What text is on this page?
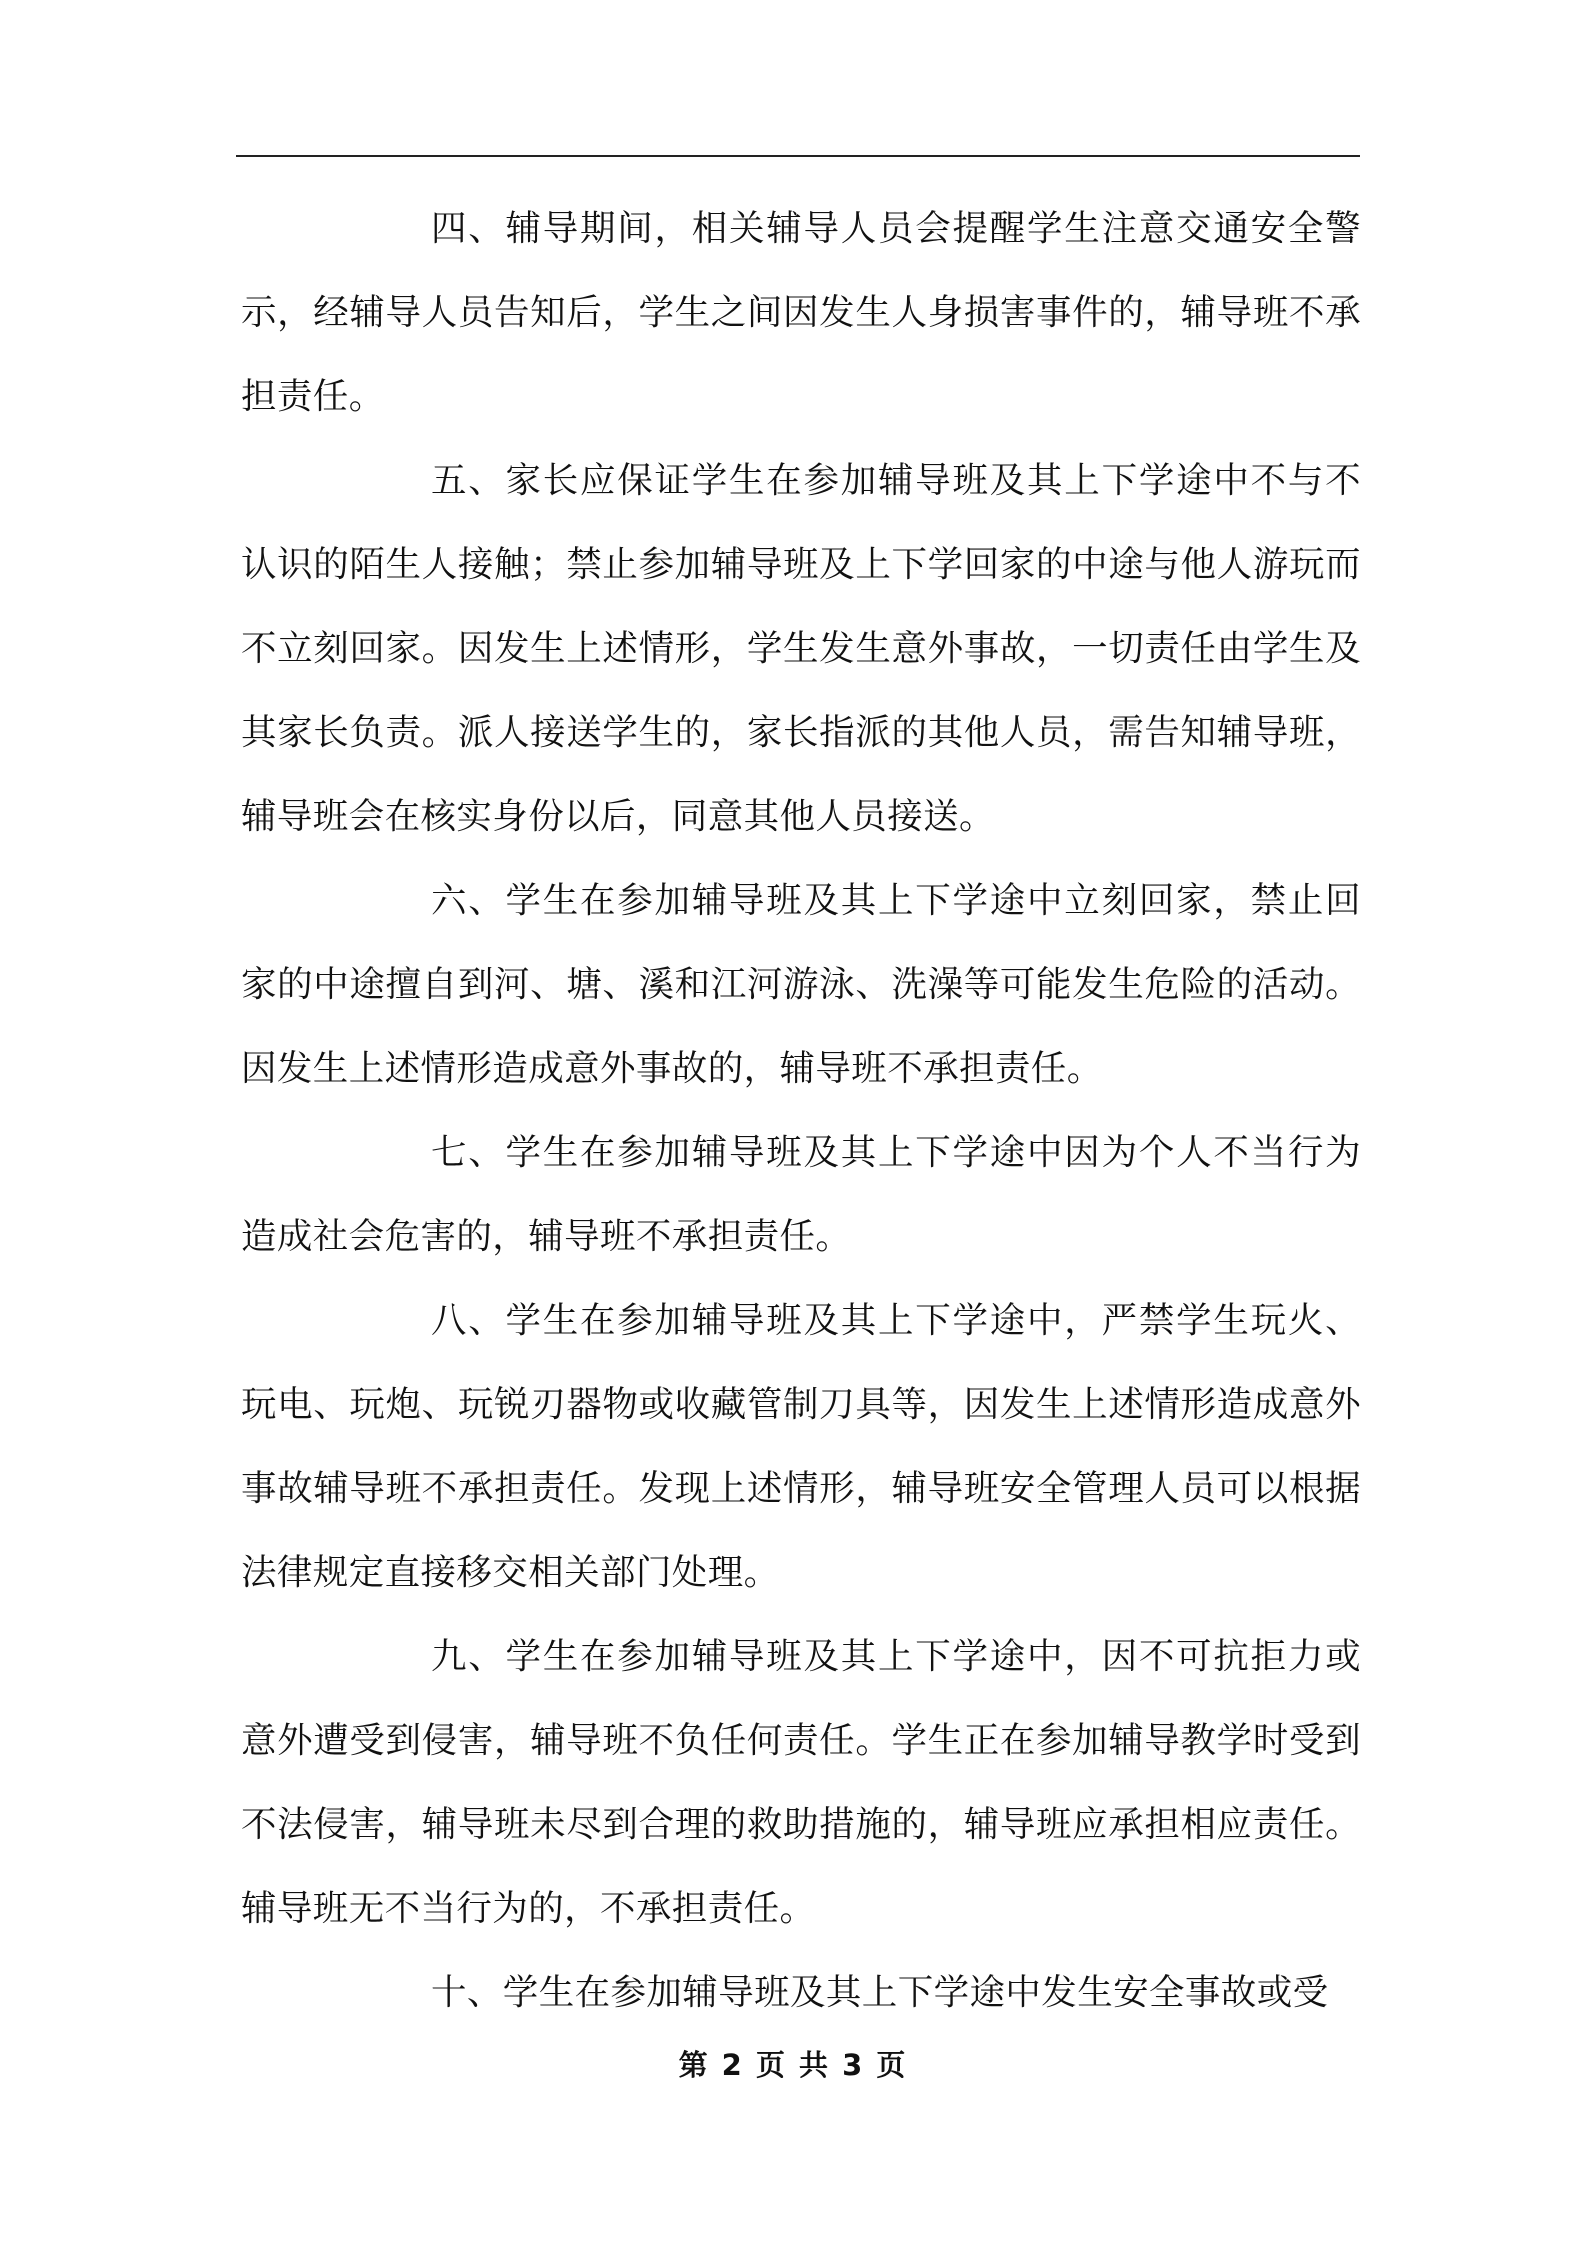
四、辅导期间，相关辅导人员会提醒学生注意交通安全警示，经辅导人员告知后，学生之间因发生人身损害事件的，辅导班不承担责任。

五、家长应保证学生在参加辅导班及其上下学途中不与不认识的陌生人接触；禁止参加辅导班及上下学回家的中途与他人游玩而不立刻回家。因发生上述情形，学生发生意外事故，一切责任由学生及其家长负责。派人接送学生的，家长指派的其他人员，需告知辅导班，辅导班会在核实身份以后，同意其他人员接送。

六、学生在参加辅导班及其上下学途中立刻回家，禁止回家的中途擅自到河、塘、溪和江河游泳、洗澡等可能发生危险的活动。因发生上述情形造成意外事故的，辅导班不承担责任。

七、学生在参加辅导班及其上下学途中因为个人不当行为造成社会危害的，辅导班不承担责任。

八、学生在参加辅导班及其上下学途中，严禁学生玩火、玩电、玩炮、玩锐刃器物或收藏管制刀具等，因发生上述情形造成意外事故辅导班不承担责任。发现上述情形，辅导班安全管理人员可以根据法律规定直接移交相关部门处理。

九、学生在参加辅导班及其上下学途中，因不可抗拒力或意外遭受到侵害，辅导班不负任何责任。学生正在参加辅导教学时受到不法侵害，辅导班未尽到合理的救助措施的，辅导班应承担相应责任。辅导班无不当行为的，不承担责任。

十、学生在参加辅导班及其上下学途中发生安全事故或受

第 2 页 共 3 页
